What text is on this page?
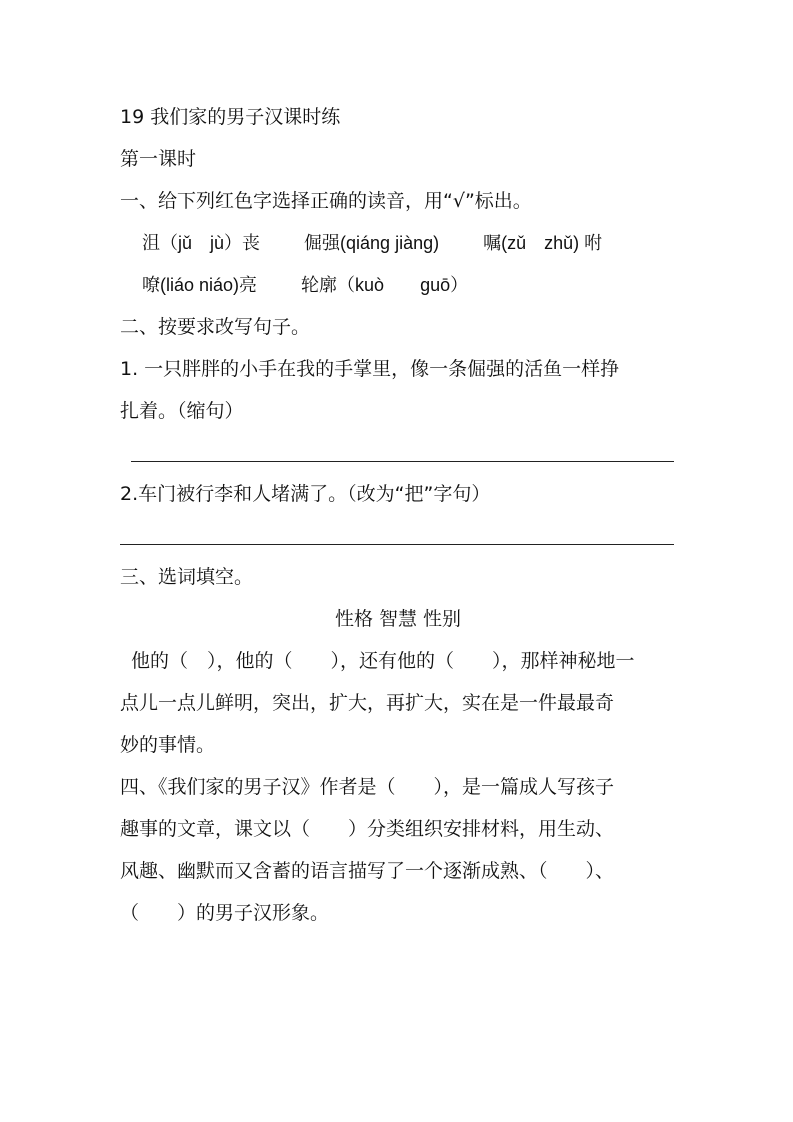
19 我们家的男子汉课时练
第一课时
一、给下列红色字选择正确的读音，用“√”标出。
沮（jǔ　jù）丧 倔强(qiánɡ jiàng) 嘱(zǔ　zhǔ) 咐
嘹(liáo niáo)亮 轮廓（kuò　　guō）
二、按要求改写句子。
1. 一只胖胖的小手在我的手掌里，像一条倔强的活鱼一样挣
扎着。（缩句）
2.车门被行李和人堵满了。（改为“把”字句）
三、选词填空。
性格 智慧 性别
他的（　），他的（　　），还有他的（　　），那样神秘地一
点儿一点儿鲜明，突出，扩大，再扩大，实在是一件最最奇
妙的事情。
四、《我们家的男子汉》作者是（　　），是一篇成人写孩子
趣事的文章，课文以（　　）分类组织安排材料，用生动、
风趣、幽默而又含蓄的语言描写了一个逐渐成熟、（　　）、
（　　）的男子汉形象。
